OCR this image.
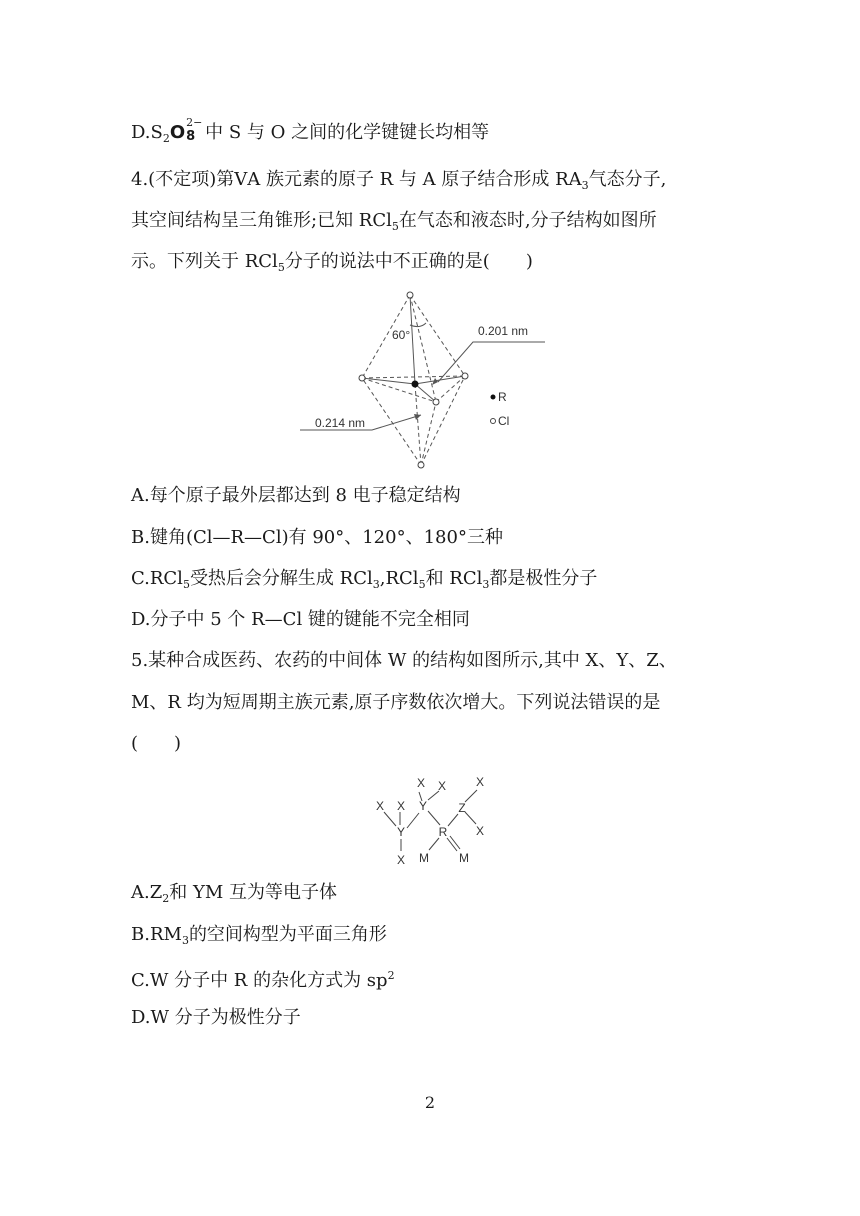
$D.S_2O$ 2−
8 中 S 与 O 之间的化学键键长均相等
4.(不定项)第ⅤA 族元素的原子 R 与 A 原子结合形成 $RA_3$气态分子,
其空间结构呈三角锥形;已知 RCl$_5$在气态和液态时,分子结构如图所
示。下列关于 RCl$_5$分子的说法中不正确的是(　　)
60°	0.201 nm
0.214 nm
R
Cl
A.每个原子最外层都达到 8 电子稳定结构
B.键角(Cl—R—Cl)有 90°、120°、180°三种
C.RCl$_5$受热后会分解生成 RCl$_3$,RCl$_5$和 RCl$_3$都是极性分子
D.分子中 5 个 R—Cl 键的键能不完全相同
5.某种合成医药、农药的中间体 W 的结构如图所示,其中 X、Y、Z、
M、R 均为短周期主族元素,原子序数依次增大。下列说法错误的是
(　　)
X X X
X X
X
X
Y
Y
Z
R
M	M
$A.Z_2$和 YM 互为等电子体
$B.RM_3$的空间构型为平面三角形
C.W 分子中 R 的杂化方式为 $sp^2$
D.W 分子为极性分子
2
